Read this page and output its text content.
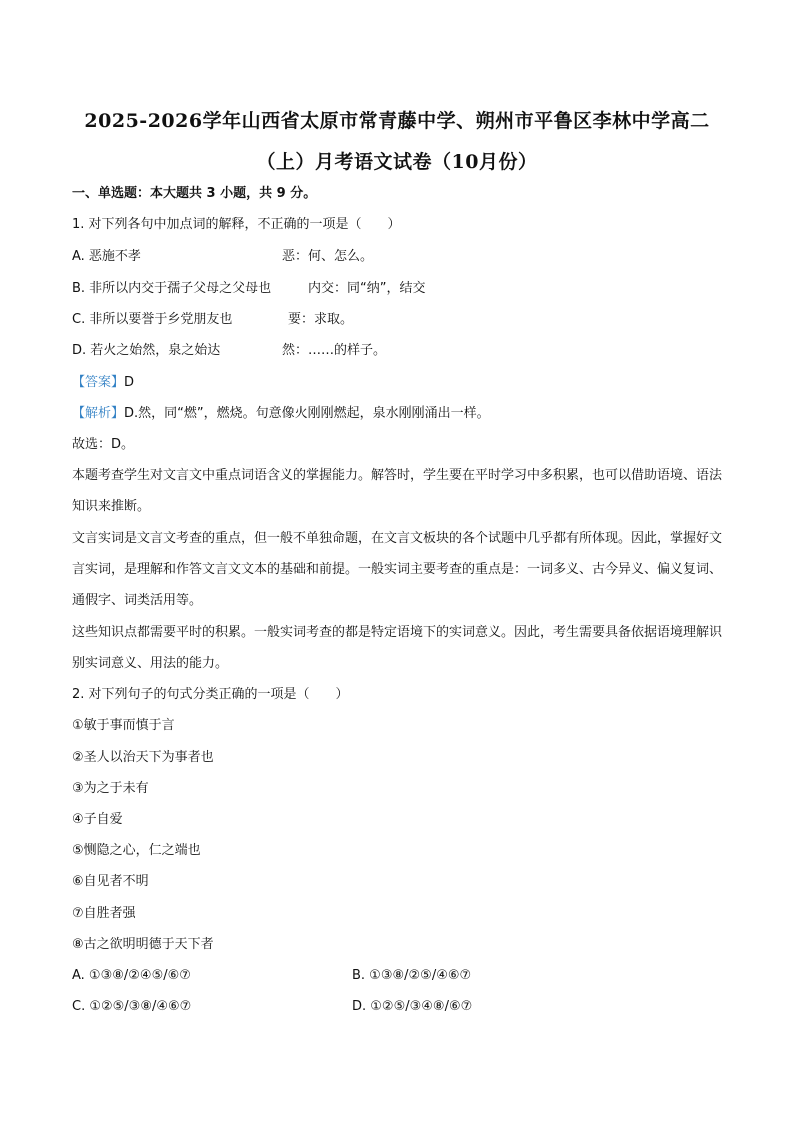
2025-2026学年山西省太原市常青藤中学、朔州市平鲁区李林中学高二
（上）月考语文试卷（10月份）
一、单选题：本大题共 3 小题，共 9 分。
1. 对下列各句中加点词的解释，不正确的一项是（　　）
A. 恶施不孝	恶：何、怎么。
B. 非所以内交于孺子父母之父母也	内交：同“纳”，结交
C. 非所以要誉于乡党朋友也	要：求取。
D. 若火之始然，泉之始达	然：……的样子。
【答案】D
【解析】D.然，同“燃”，燃烧。句意像火刚刚燃起，泉水刚刚涌出一样。
故选：D。
本题考查学生对文言文中重点词语含义的掌握能力。解答时，学生要在平时学习中多积累，也可以借助语境、语法知识来推断。
文言实词是文言文考查的重点，但一般不单独命题，在文言文板块的各个试题中几乎都有所体现。因此，掌握好文言实词，是理解和作答文言文文本的基础和前提。一般实词主要考查的重点是：一词多义、古今异义、偏义复词、通假字、词类活用等。
这些知识点都需要平时的积累。一般实词考查的都是特定语境下的实词意义。因此，考生需要具备依据语境理解识别实词意义、用法的能力。
2. 对下列句子的句式分类正确的一项是（　　）
①敏于事而慎于言
②圣人以治天下为事者也
③为之于未有
④子自爱
⑤恻隐之心，仁之端也
⑥自见者不明
⑦自胜者强
⑧古之欲明明德于天下者
A. ①③⑧/②④⑤/⑥⑦	B. ①③⑧/②⑤/④⑥⑦
C. ①②⑤/③⑧/④⑥⑦	D. ①②⑤/③④⑧/⑥⑦
